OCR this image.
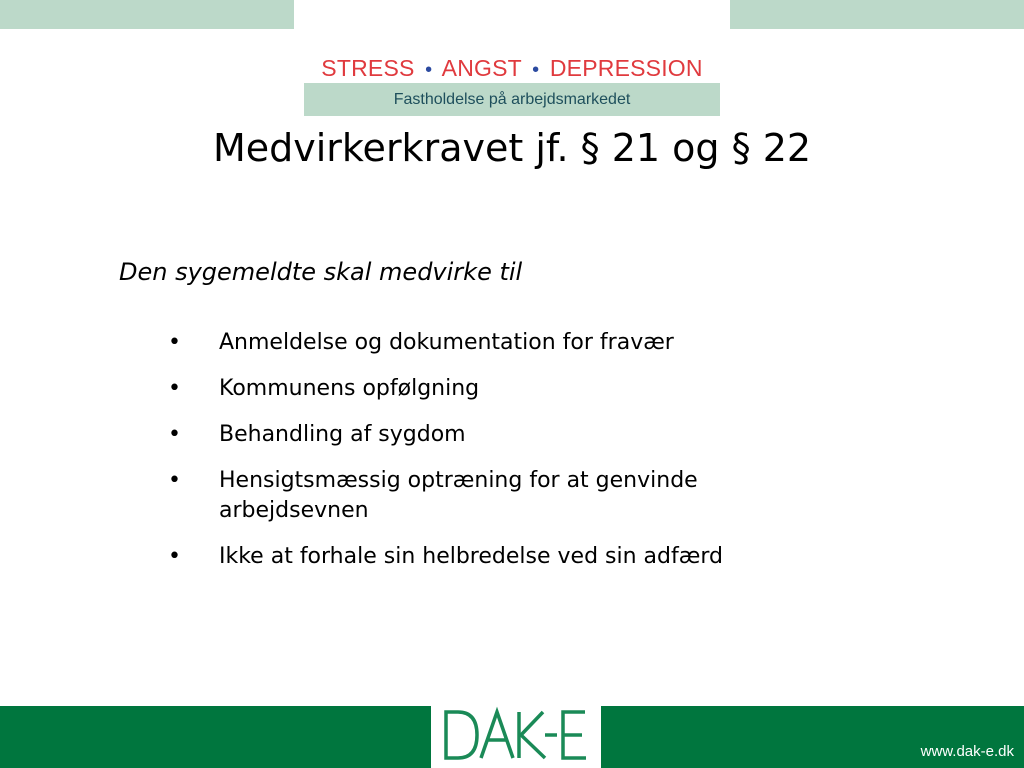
STRESS • ANGST • DEPRESSION
Fastholdelse på arbejdsmarkedet
Medvirkerkravet jf. § 21 og § 22
Den sygemeldte skal medvirke til
• Anmeldelse og dokumentation for fravær
• Kommunens opfølgning
• Behandling af sygdom
• Hensigtsmæssig optræning for at genvinde arbejdsevnen
• Ikke at forhale sin helbredelse ved sin adfærd
www.dak-e.dk
